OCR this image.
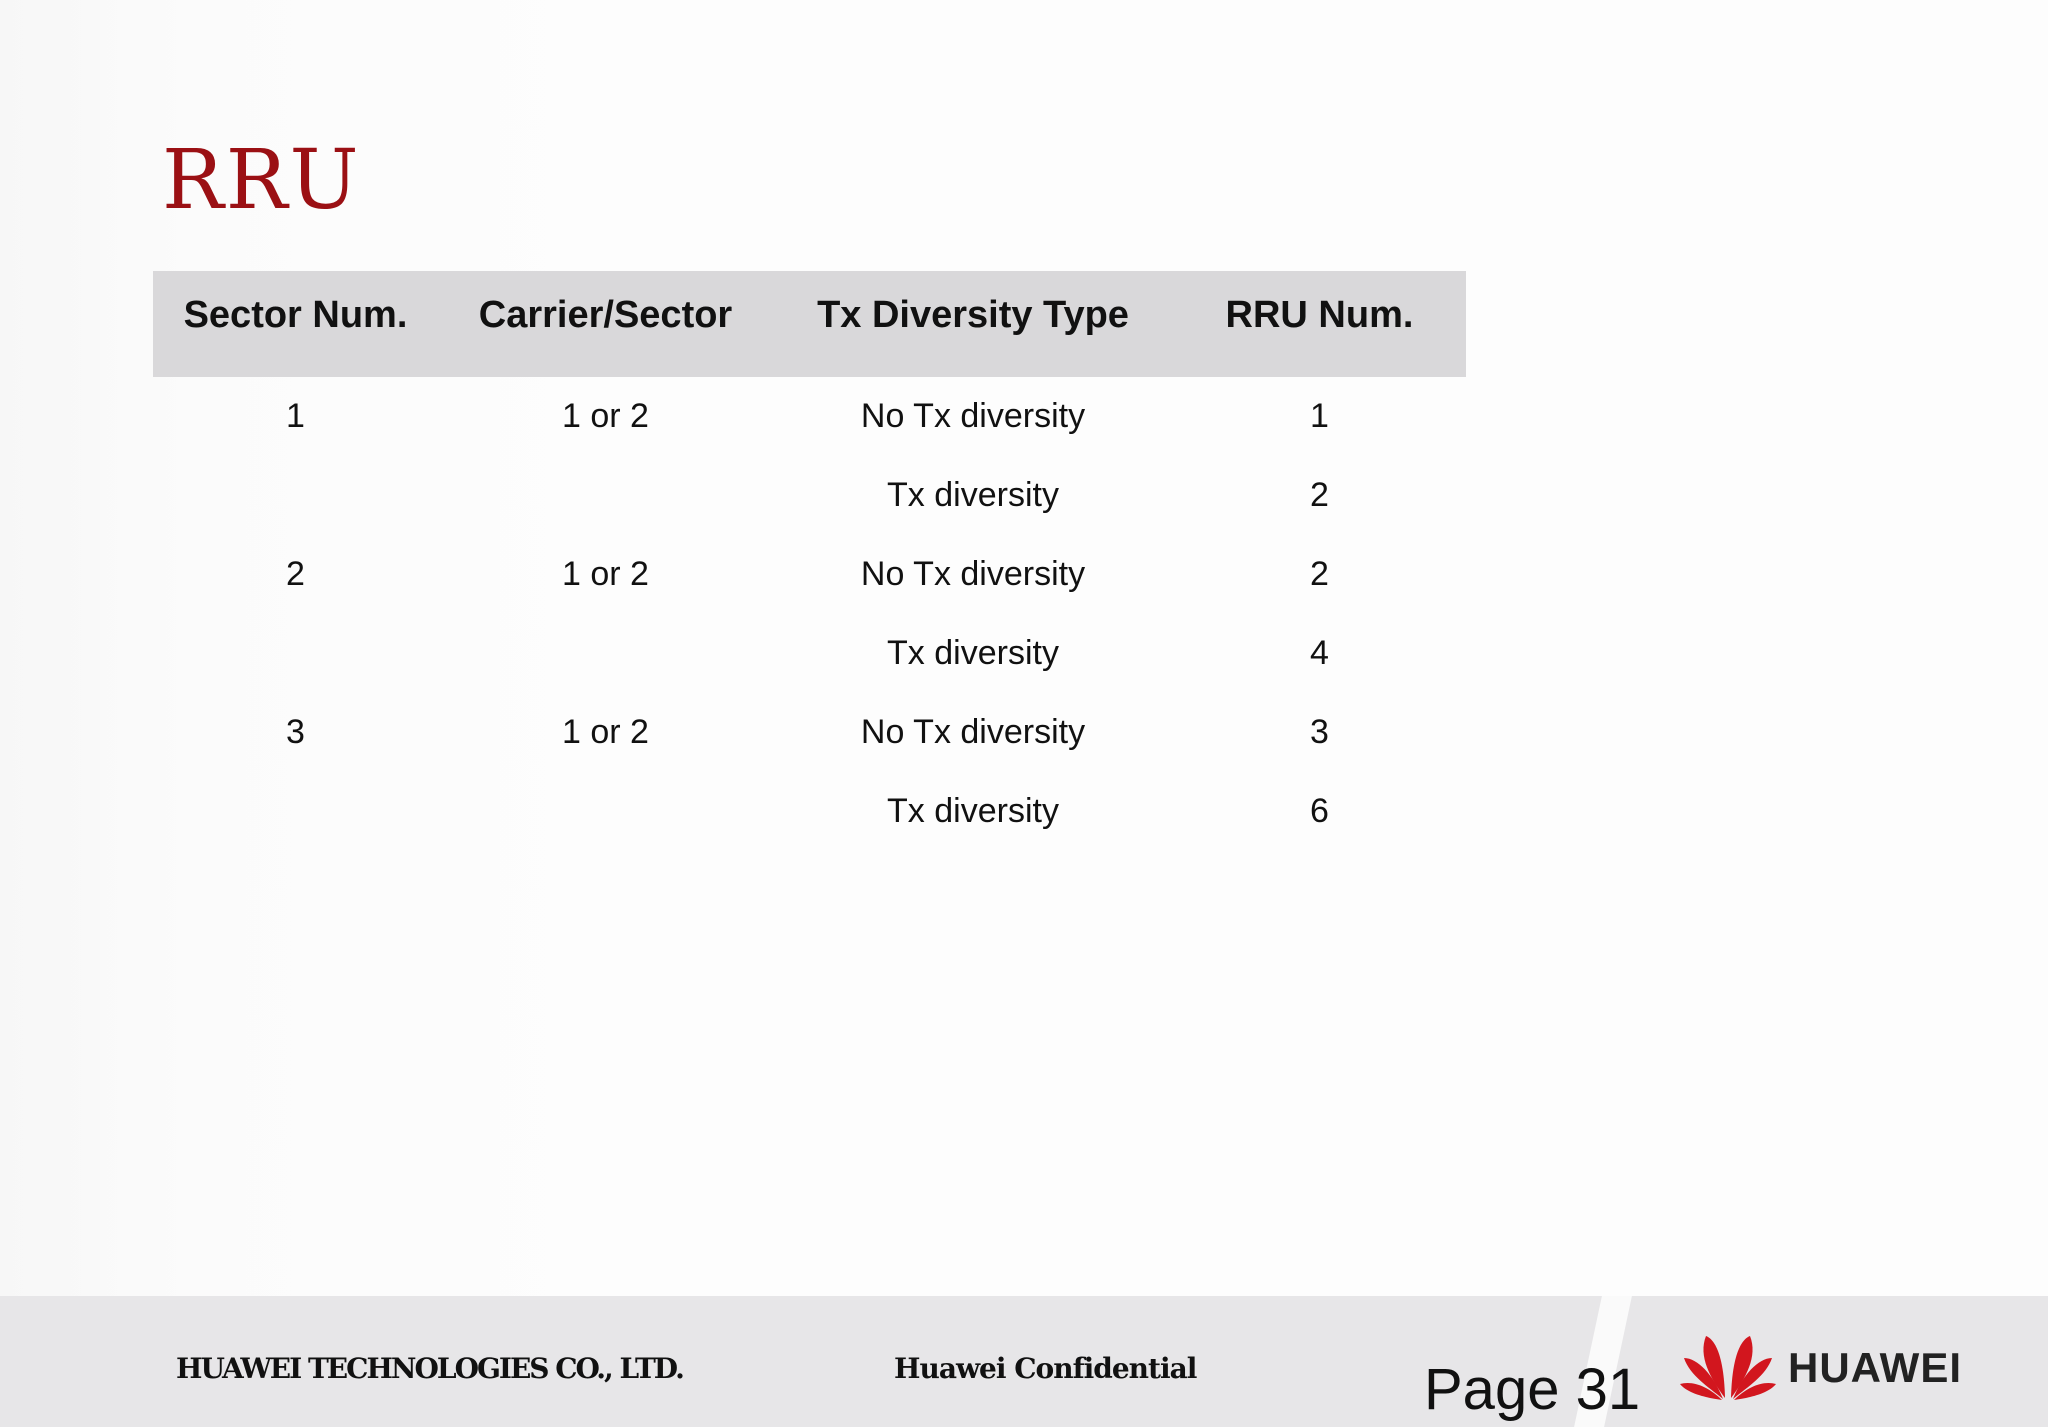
RRU
Sector Num.	Carrier/Sector	Tx Diversity Type	RRU Num.
1	1 or 2	No Tx diversity	1
		Tx diversity	2
2	1 or 2	No Tx diversity	2
		Tx diversity	4
3	1 or 2	No Tx diversity	3
		Tx diversity	6
HUAWEI TECHNOLOGIES CO., LTD.	Huawei Confidential	Page 31	HUAWEI
